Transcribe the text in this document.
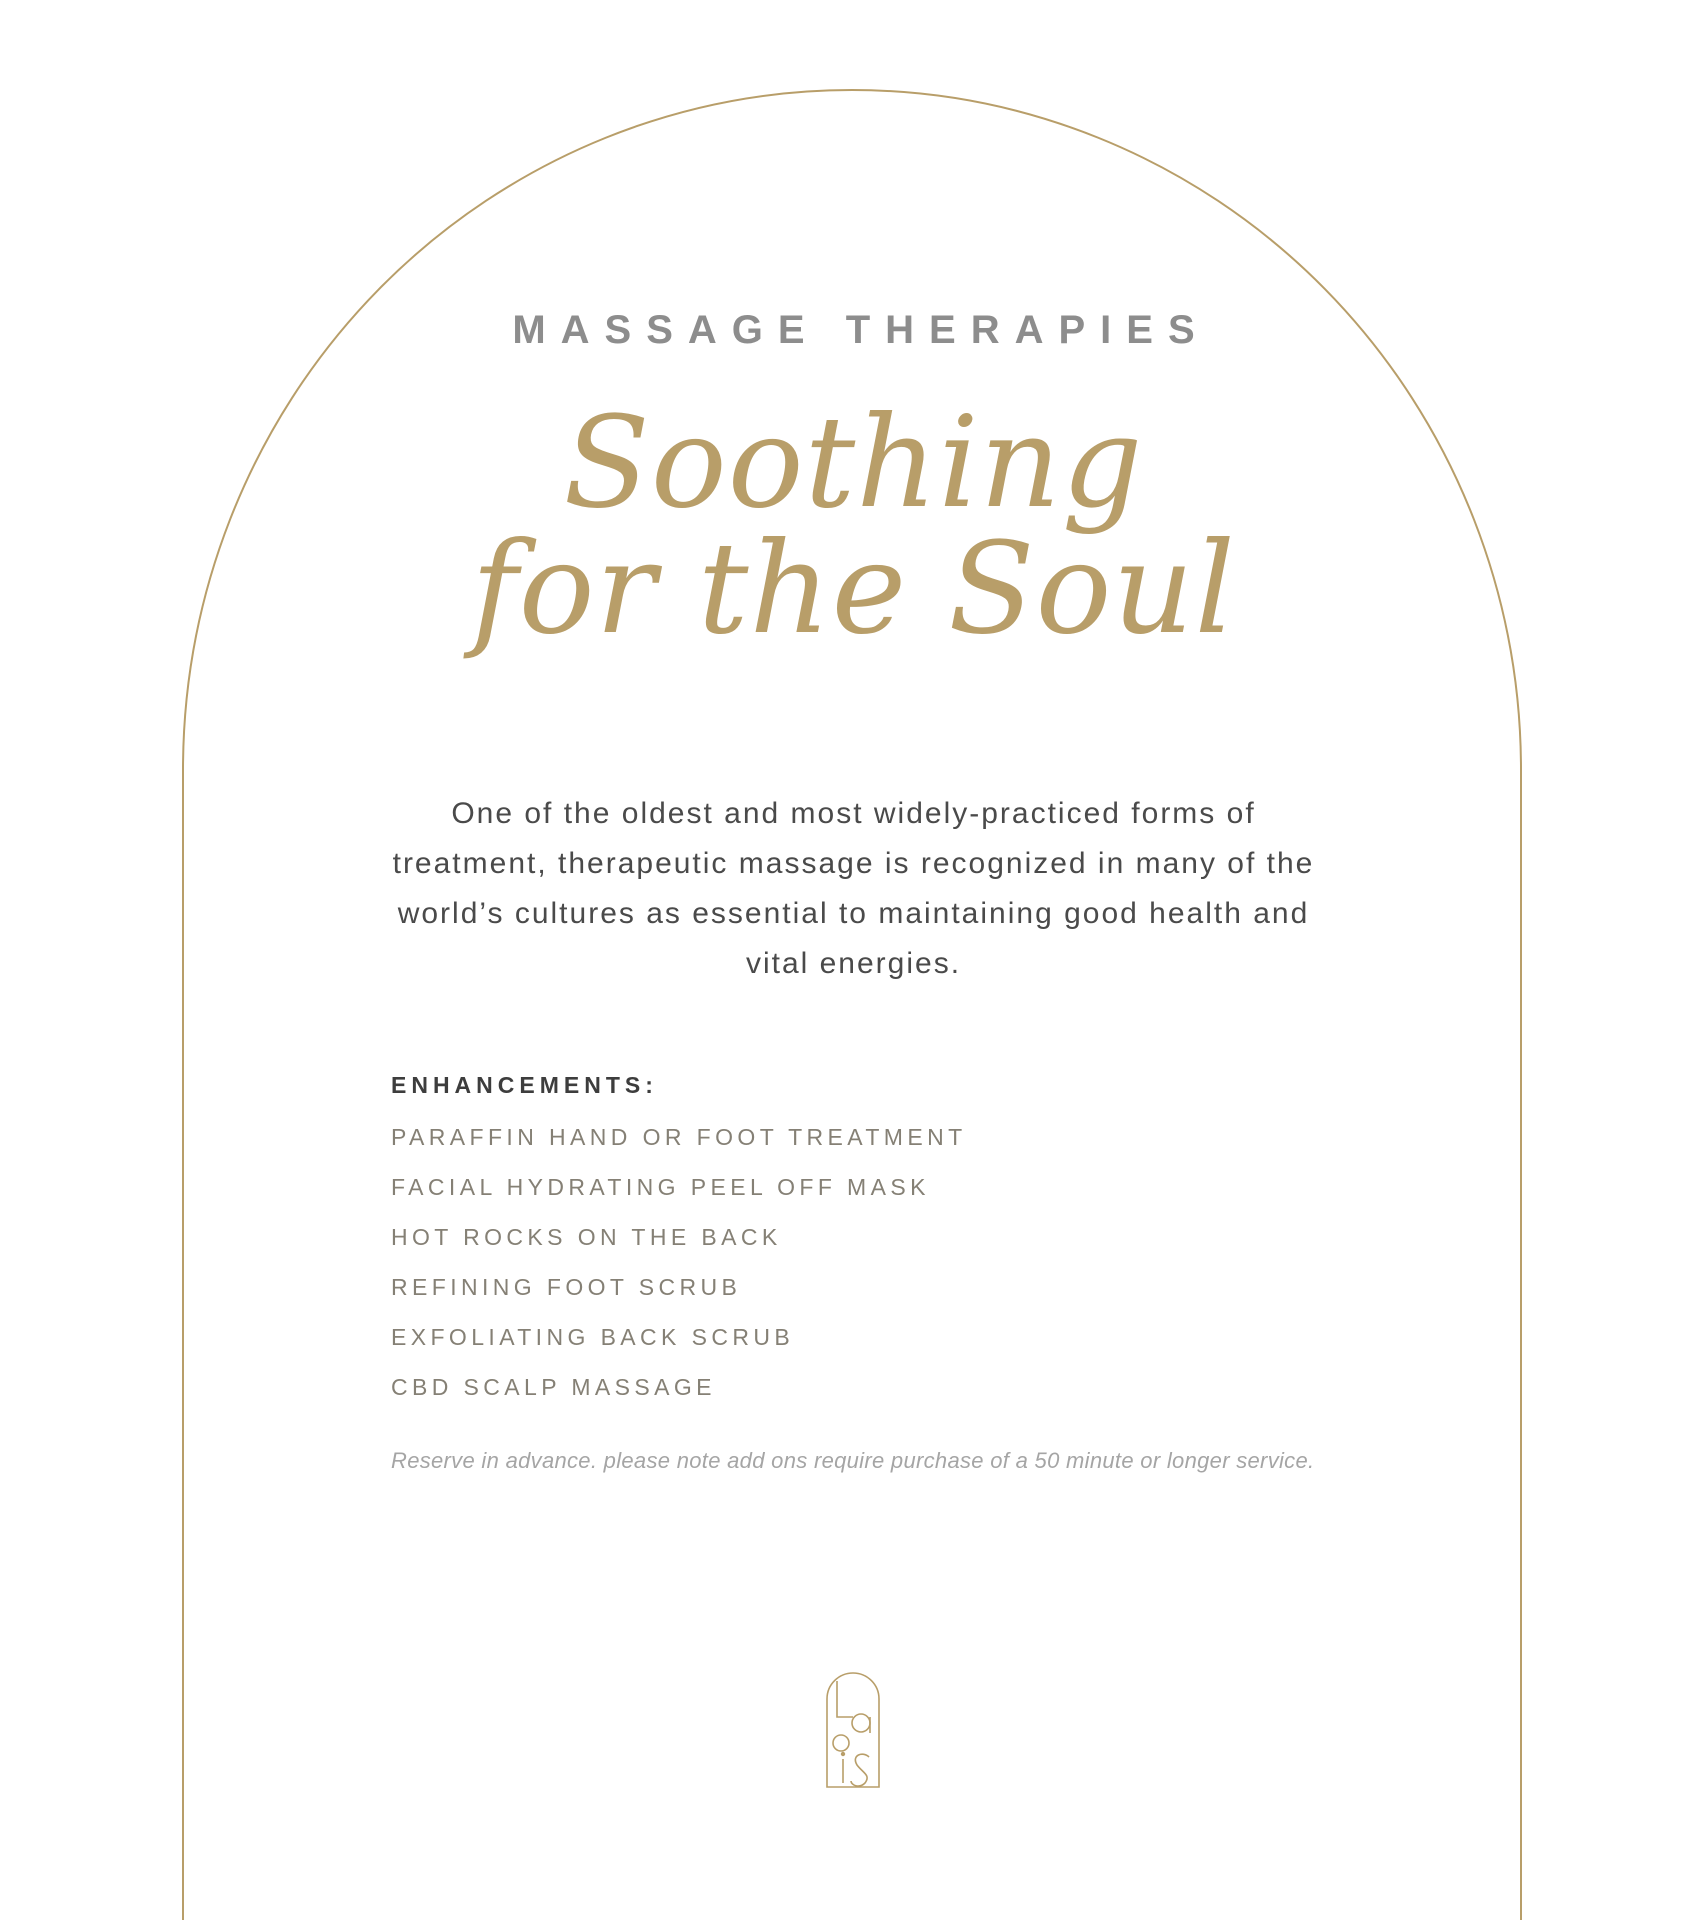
MASSAGE THERAPIES
Soothing
for the Soul
One of the oldest and most widely-practiced forms of treatment, therapeutic massage is recognized in many of the world’s cultures as essential to maintaining good health and vital energies.
ENHANCEMENTS:
PARAFFIN HAND OR FOOT TREATMENT
FACIAL HYDRATING PEEL OFF MASK
HOT ROCKS ON THE BACK
REFINING FOOT SCRUB
EXFOLIATING BACK SCRUB
CBD SCALP MASSAGE
Reserve in advance. please note add ons require purchase of a 50 minute or longer service.
